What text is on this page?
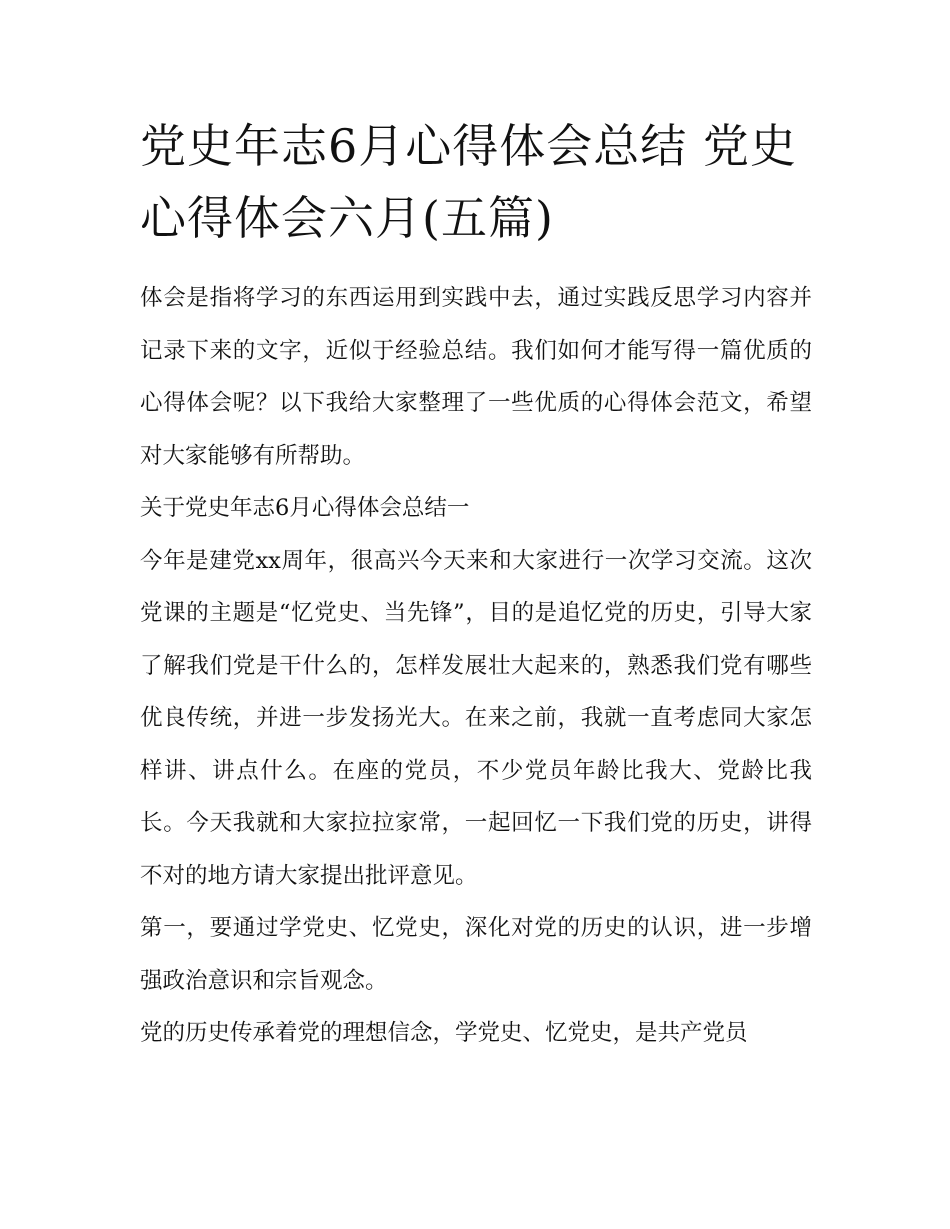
党史年志6月心得体会总结 党史心得体会六月(五篇)

体会是指将学习的东西运用到实践中去，通过实践反思学习内容并记录下来的文字，近似于经验总结。我们如何才能写得一篇优质的心得体会呢？以下我给大家整理了一些优质的心得体会范文，希望对大家能够有所帮助。

关于党史年志6月心得体会总结一

今年是建党xx周年，很高兴今天来和大家进行一次学习交流。这次党课的主题是“忆党史、当先锋”，目的是追忆党的历史，引导大家了解我们党是干什么的，怎样发展壮大起来的，熟悉我们党有哪些优良传统，并进一步发扬光大。在来之前，我就一直考虑同大家怎样讲、讲点什么。在座的党员，不少党员年龄比我大、党龄比我长。今天我就和大家拉拉家常，一起回忆一下我们党的历史，讲得不对的地方请大家提出批评意见。

第一，要通过学党史、忆党史，深化对党的历史的认识，进一步增强政治意识和宗旨观念。

党的历史传承着党的理想信念，学党史、忆党史，是共产党员
